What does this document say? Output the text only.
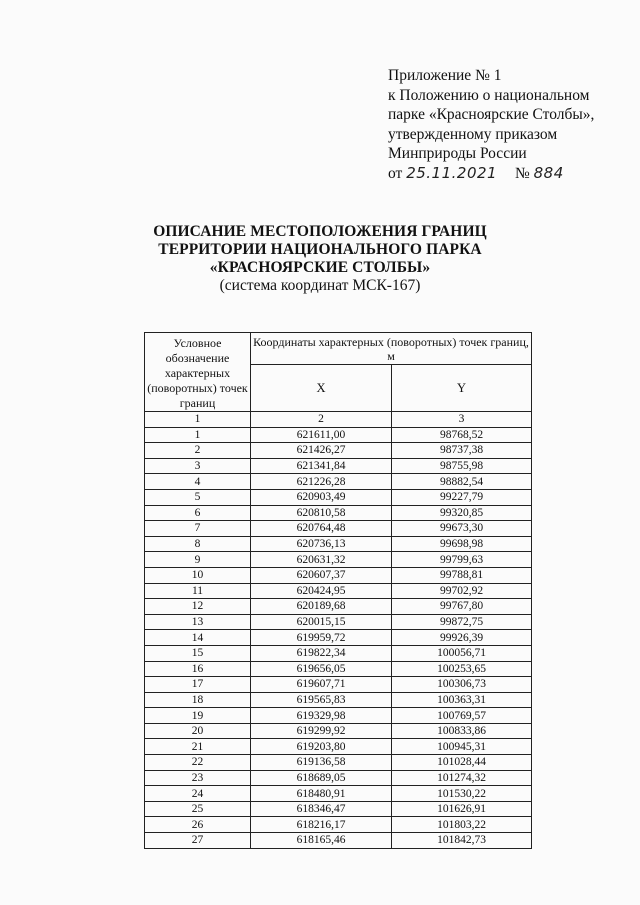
Приложение № 1
к Положению о национальном
парке «Красноярские Столбы»,
утвержденному приказом
Минприроды России
от 25.11.2021 № 884
ОПИСАНИЕ МЕСТОПОЛОЖЕНИЯ ГРАНИЦ
ТЕРРИТОРИИ НАЦИОНАЛЬНОГО ПАРКА
«КРАСНОЯРСКИЕ СТОЛБЫ»
(система координат МСК-167)
Условное обозначение характерных (поворотных) точек границ	Координаты характерных (поворотных) точек границ, м	
	X	Y
1	2	3
1	621611,00	98768,52
2	621426,27	98737,38
3	621341,84	98755,98
4	621226,28	98882,54
5	620903,49	99227,79
6	620810,58	99320,85
7	620764,48	99673,30
8	620736,13	99698,98
9	620631,32	99799,63
10	620607,37	99788,81
11	620424,95	99702,92
12	620189,68	99767,80
13	620015,15	99872,75
14	619959,72	99926,39
15	619822,34	100056,71
16	619656,05	100253,65
17	619607,71	100306,73
18	619565,83	100363,31
19	619329,98	100769,57
20	619299,92	100833,86
21	619203,80	100945,31
22	619136,58	101028,44
23	618689,05	101274,32
24	618480,91	101530,22
25	618346,47	101626,91
26	618216,17	101803,22
27	618165,46	101842,73
